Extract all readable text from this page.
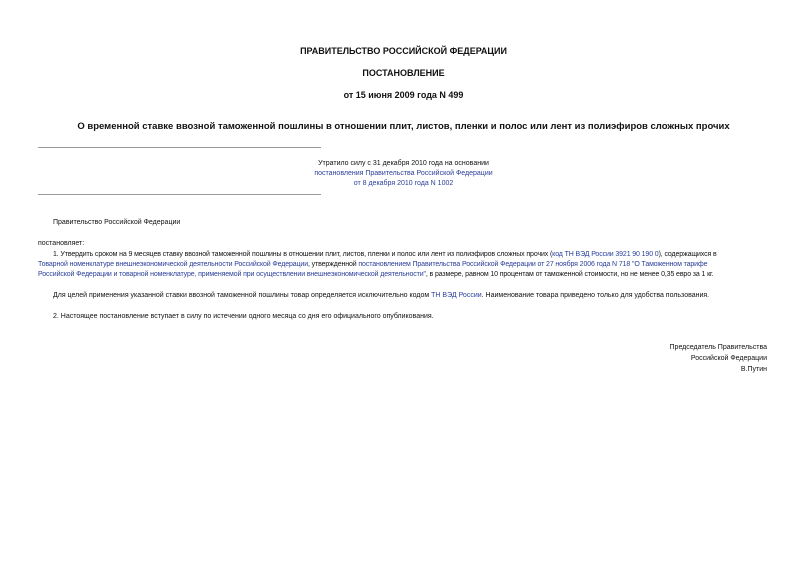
ПРАВИТЕЛЬСТВО РОССИЙСКОЙ ФЕДЕРАЦИИ
ПОСТАНОВЛЕНИЕ
от 15 июня 2009 года N 499
О временной ставке ввозной таможенной пошлины в отношении плит, листов, пленки и полос или лент из полиэфиров сложных прочих
Утратило силу с 31 декабря 2010 года на основании
постановления Правительства Российской Федерации
от 8 декабря 2010 года N 1002
Правительство Российской Федерации
постановляет:
1. Утвердить сроком на 9 месяцев ставку ввозной таможенной пошлины в отношении плит, листов, пленки и полос или лент из полиэфиров сложных прочих (код ТН ВЭД России 3921 90 190 0), содержащихся в
Товарной номенклатуре внешнеэкономической деятельности Российской Федерации, утвержденной постановлением Правительства Российской Федерации от 27 ноября 2006 года N 718 "О Таможенном тарифе
Российской Федерации и товарной номенклатуре, применяемой при осуществлении внешнеэкономической деятельности", в размере, равном 10 процентам от таможенной стоимости, но не менее 0,35 евро за 1 кг.
Для целей применения указанной ставки ввозной таможенной пошлины товар определяется исключительно кодом ТН ВЭД России. Наименование товара приведено только для удобства пользования.
2. Настоящее постановление вступает в силу по истечении одного месяца со дня его официального опубликования.
Председатель Правительства
Российской Федерации
В.Путин
